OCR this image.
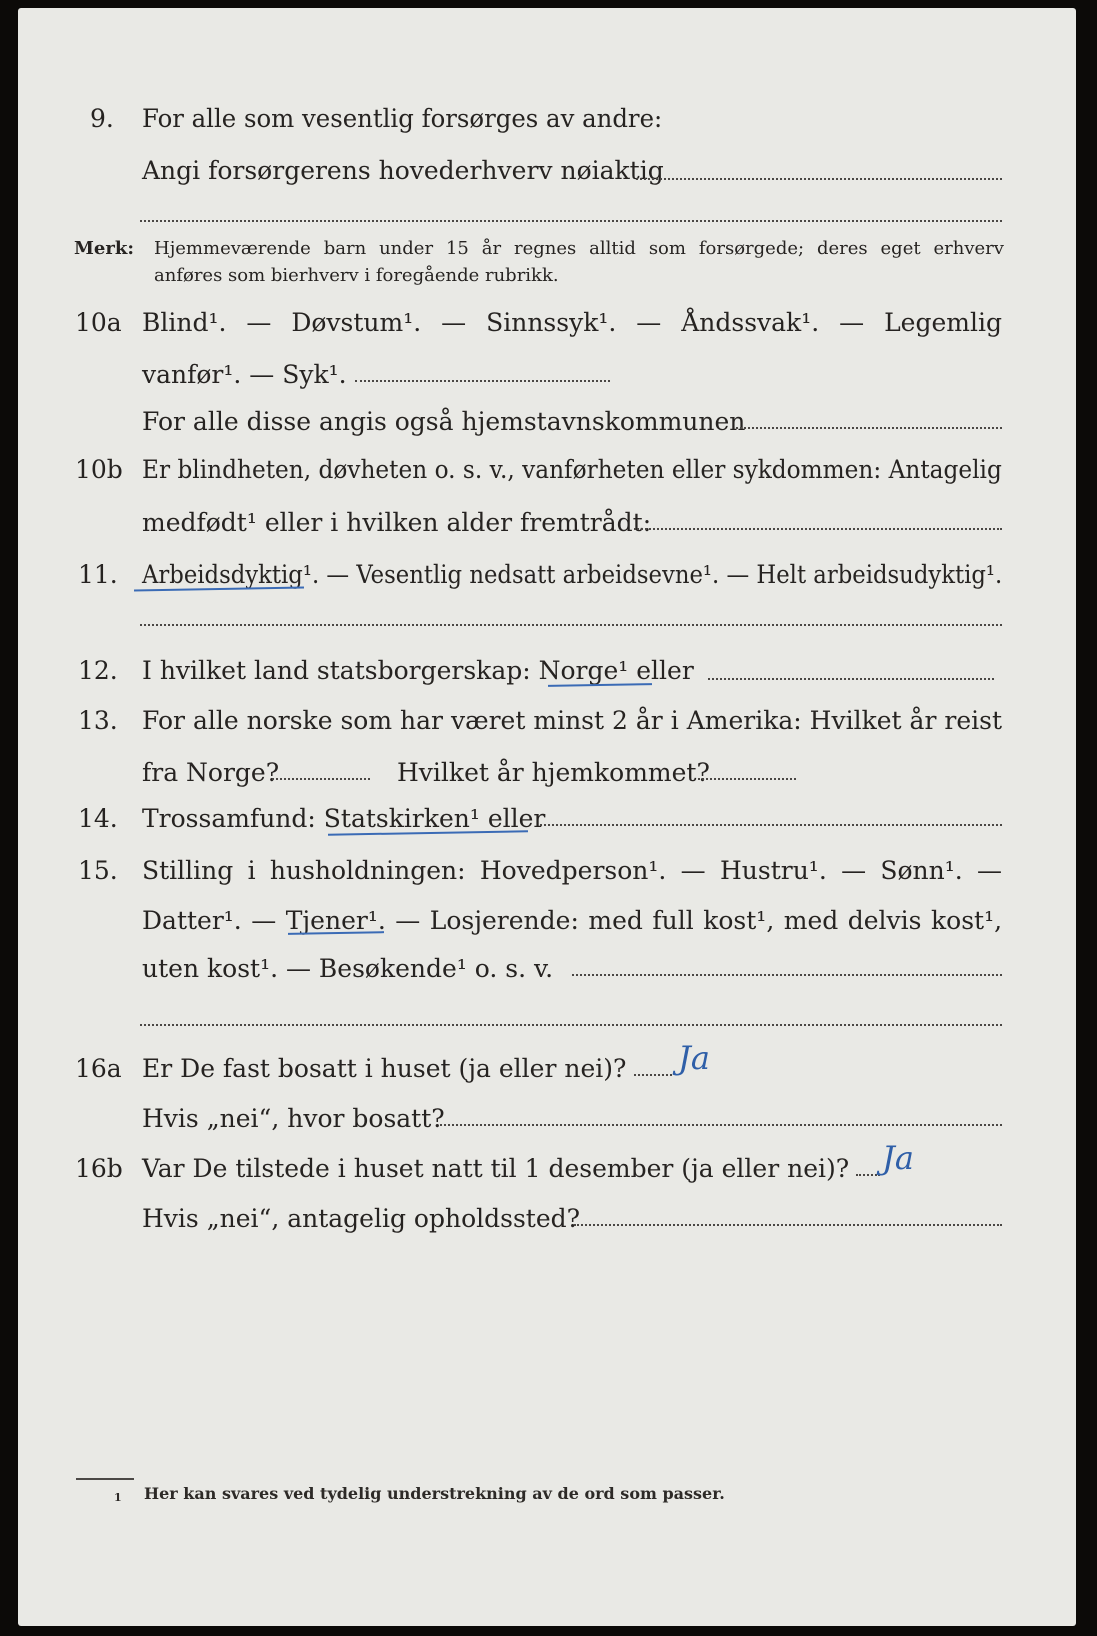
9. For alle som vesentlig forsørges av andre:
Angi forsørgerens hovederhverv nøiaktig
Merk: Hjemmeværende barn under 15 år regnes alltid som forsørgede; deres eget erhverv
anføres som bierhverv i foregående rubrikk.
10a Blind¹. — Døvstum¹. — Sinnssyk¹. — Åndssvak¹. — Legemlig
vanfør¹. — Syk¹.
For alle disse angis også hjemstavnskommunen
10b Er blindheten, døvheten o. s. v., vanførheten eller sykdommen: Antagelig
medfødt¹ eller i hvilken alder fremtrådt:
11. Arbeidsdyktig¹. — Vesentlig nedsatt arbeidsevne¹. — Helt arbeidsudyktig¹.
12. I hvilket land statsborgerskap: Norge¹ eller
13. For alle norske som har været minst 2 år i Amerika: Hvilket år reist
fra Norge?	Hvilket år hjemkommet?
14. Trossamfund: Statskirken¹ eller
15. Stilling i husholdningen: Hovedperson¹. — Hustru¹. — Sønn¹. —
Datter¹. — Tjener¹. — Losjerende: med full kost¹, med delvis kost¹,
uten kost¹. — Besøkende¹ o. s. v.
16a Er De fast bosatt i huset (ja eller nei)? Ja
Hvis „nei“, hvor bosatt?
16b Var De tilstede i huset natt til 1 desember (ja eller nei)? Ja
Hvis „nei“, antagelig opholdssted?
1 Her kan svares ved tydelig understrekning av de ord som passer.
